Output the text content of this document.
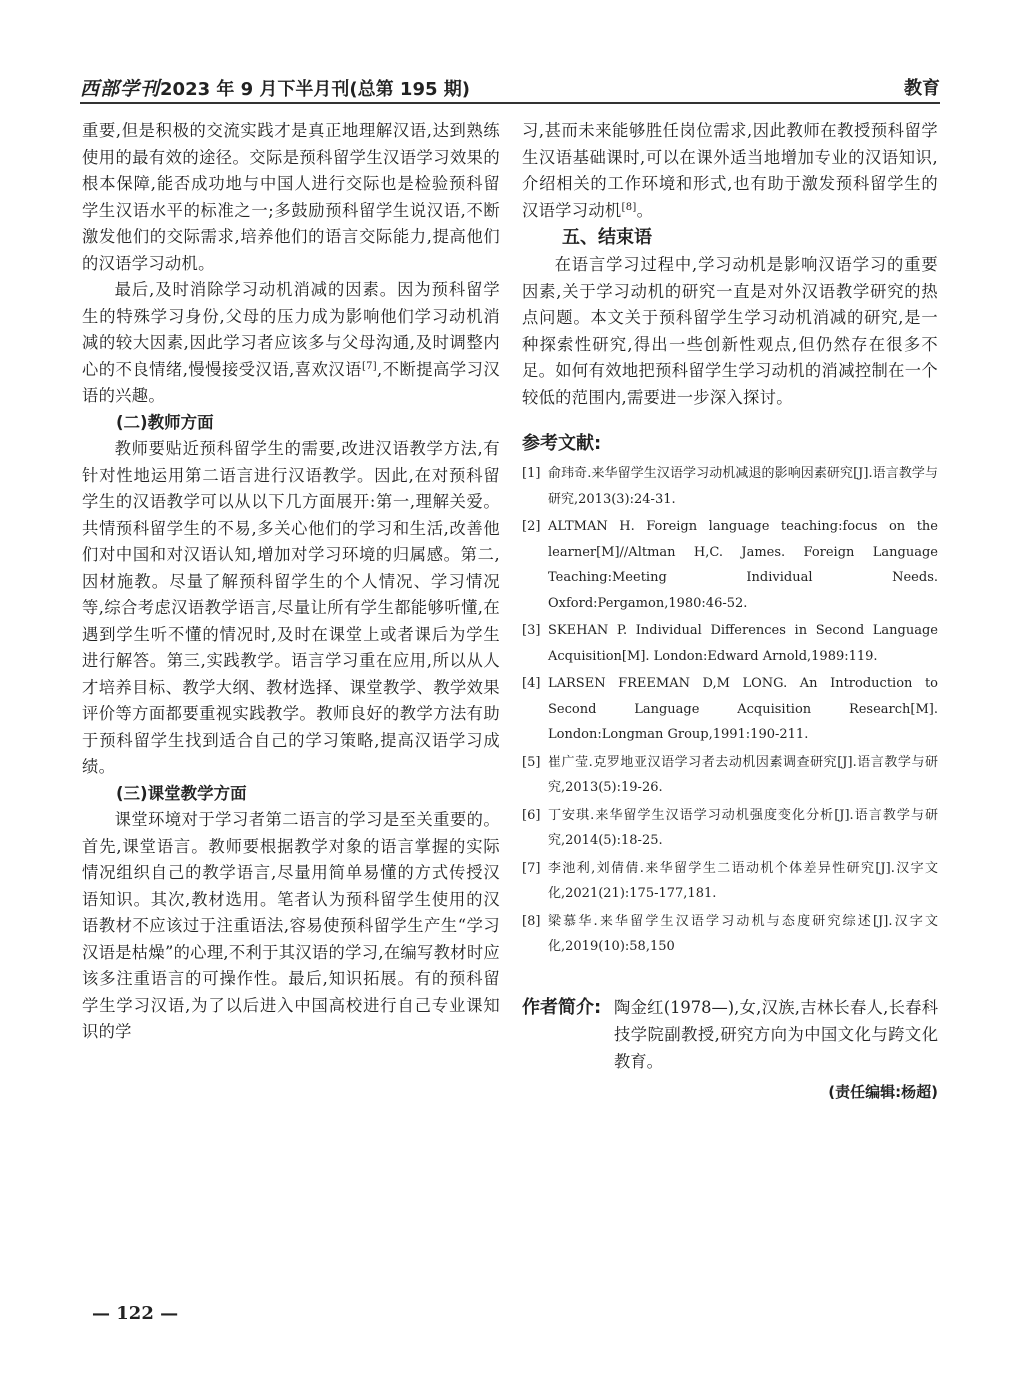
西部学刊2023 年 9 月下半月刊(总第 195 期)	教育

重要,但是积极的交流实践才是真正地理解汉语,达到熟练使用的最有效的途径。交际是预科留学生汉语学习效果的根本保障,能否成功地与中国人进行交际也是检验预科留学生汉语水平的标准之一;多鼓励预科留学生说汉语,不断激发他们的交际需求,培养他们的语言交际能力,提高他们的汉语学习动机。

最后,及时消除学习动机消减的因素。因为预科留学生的特殊学习身份,父母的压力成为影响他们学习动机消减的较大因素,因此学习者应该多与父母沟通,及时调整内心的不良情绪,慢慢接受汉语,喜欢汉语[7],不断提高学习汉语的兴趣。

(二)教师方面

教师要贴近预科留学生的需要,改进汉语教学方法,有针对性地运用第二语言进行汉语教学。因此,在对预科留学生的汉语教学可以从以下几方面展开:第一,理解关爱。共情预科留学生的不易,多关心他们的学习和生活,改善他们对中国和对汉语认知,增加对学习环境的归属感。第二,因材施教。尽量了解预科留学生的个人情况、学习情况等,综合考虑汉语教学语言,尽量让所有学生都能够听懂,在遇到学生听不懂的情况时,及时在课堂上或者课后为学生进行解答。第三,实践教学。语言学习重在应用,所以从人才培养目标、教学大纲、教材选择、课堂教学、教学效果评价等方面都要重视实践教学。教师良好的教学方法有助于预科留学生找到适合自己的学习策略,提高汉语学习成绩。

(三)课堂教学方面

课堂环境对于学习者第二语言的学习是至关重要的。首先,课堂语言。教师要根据教学对象的语言掌握的实际情况组织自己的教学语言,尽量用简单易懂的方式传授汉语知识。其次,教材选用。笔者认为预科留学生使用的汉语教材不应该过于注重语法,容易使预科留学生产生“学习汉语是枯燥”的心理,不利于其汉语的学习,在编写教材时应该多注重语言的可操作性。最后,知识拓展。有的预科留学生学习汉语,为了以后进入中国高校进行自己专业课知识的学

习,甚而未来能够胜任岗位需求,因此教师在教授预科留学生汉语基础课时,可以在课外适当地增加专业的汉语知识,介绍相关的工作环境和形式,也有助于激发预科留学生的汉语学习动机[8]。

五、结束语

在语言学习过程中,学习动机是影响汉语学习的重要因素,关于学习动机的研究一直是对外汉语教学研究的热点问题。本文关于预科留学生学习动机消减的研究,是一种探索性研究,得出一些创新性观点,但仍然存在很多不足。如何有效地把预科留学生学习动机的消减控制在一个较低的范围内,需要进一步深入探讨。

参考文献:
[1] 俞玮奇.来华留学生汉语学习动机减退的影响因素研究[J].语言教学与研究,2013(3):24-31.
[2] ALTMAN H. Foreign language teaching:focus on the learner[M]//Altman H,C. James. Foreign Language Teaching:Meeting Individual Needs. Oxford:Pergamon,1980:46-52.
[3] SKEHAN P. Individual Differences in Second Language Acquisition[M]. London:Edward Arnold,1989:119.
[4] LARSEN FREEMAN D,M LONG. An Introduction to Second Language Acquisition Research[M]. London:Longman Group,1991:190-211.
[5] 崔广莹.克罗地亚汉语学习者去动机因素调查研究[J].语言教学与研究,2013(5):19-26.
[6] 丁安琪.来华留学生汉语学习动机强度变化分析[J].语言教学与研究,2014(5):18-25.
[7] 李池利,刘倩倩.来华留学生二语动机个体差异性研究[J].汉字文化,2021(21):175-177,181.
[8] 梁慕华.来华留学生汉语学习动机与态度研究综述[J].汉字文化,2019(10):58,150
作者简介: 陶金红(1978—),女,汉族,吉林长春人,长春科技学院副教授,研究方向为中国文化与跨文化教育。
(责任编辑:杨超)
— 122 —
